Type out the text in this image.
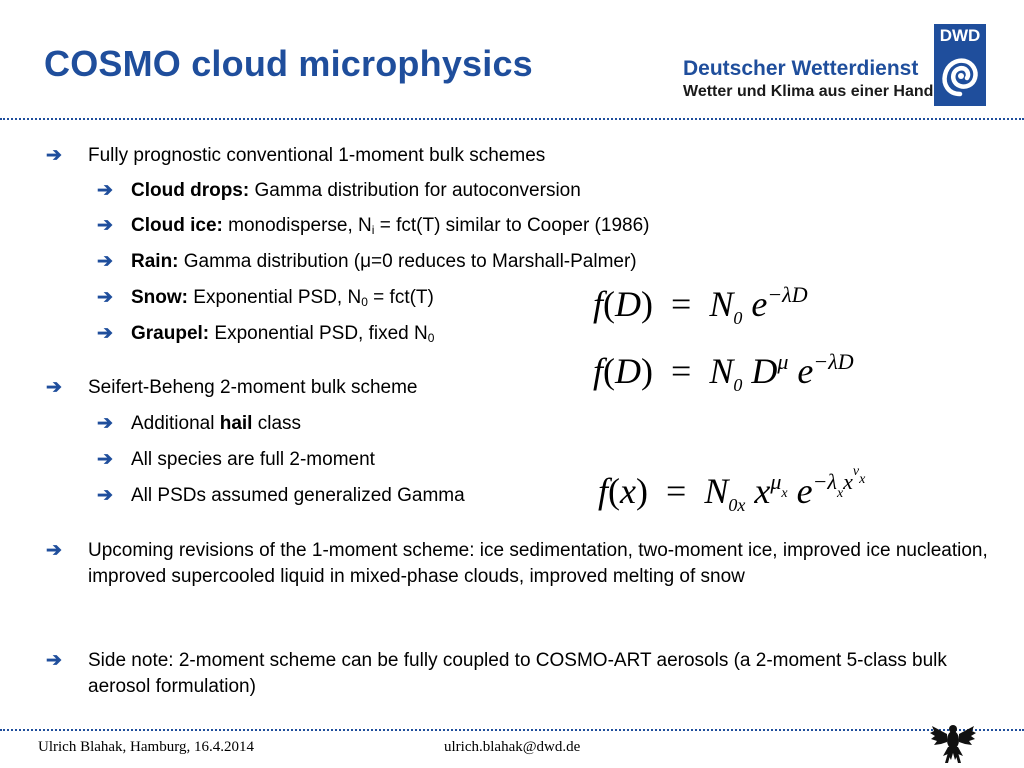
COSMO cloud microphysics	Deutscher Wetterdienst
Wetter und Klima aus einer Hand
DWD
➔ Fully prognostic conventional 1-moment bulk schemes
➔ Cloud drops: Gamma distribution for autoconversion
➔ Cloud ice: monodisperse, $N_i = fct(T)$ similar to Cooper (1986)
➔ Rain: Gamma distribution (μ=0 reduces to Marshall-Palmer)
➔ Snow: Exponential PSD, $N_0 = fct(T)$
➔ Graupel: Exponential PSD, fixed $N_0$
➔ Seifert-Beheng 2-moment bulk scheme
➔ Additional hail class
➔ All species are full 2-moment
➔ All PSDs assumed generalized Gamma
➔ Upcoming revisions of the 1-moment scheme: ice sedimentation, two-moment ice, improved ice nucleation, improved supercooled liquid in mixed-phase clouds, improved melting of snow
➔ Side note: 2-moment scheme can be fully coupled to COSMO-ART aerosols (a 2-moment 5-class bulk aerosol formulation)
$f(D) = N_0$ $e^{-\lambda D}$
$f(D) = N_0$ $D^\mu$ $e^{-\lambda D}$
$f(x) = N_{0x}$ $x^{\mu_x}$ $e^{-\lambda_xx^{\nu_x}}$
Ulrich Blahak, Hamburg, 16.4.2014	ulrich.blahak@dwd.de
